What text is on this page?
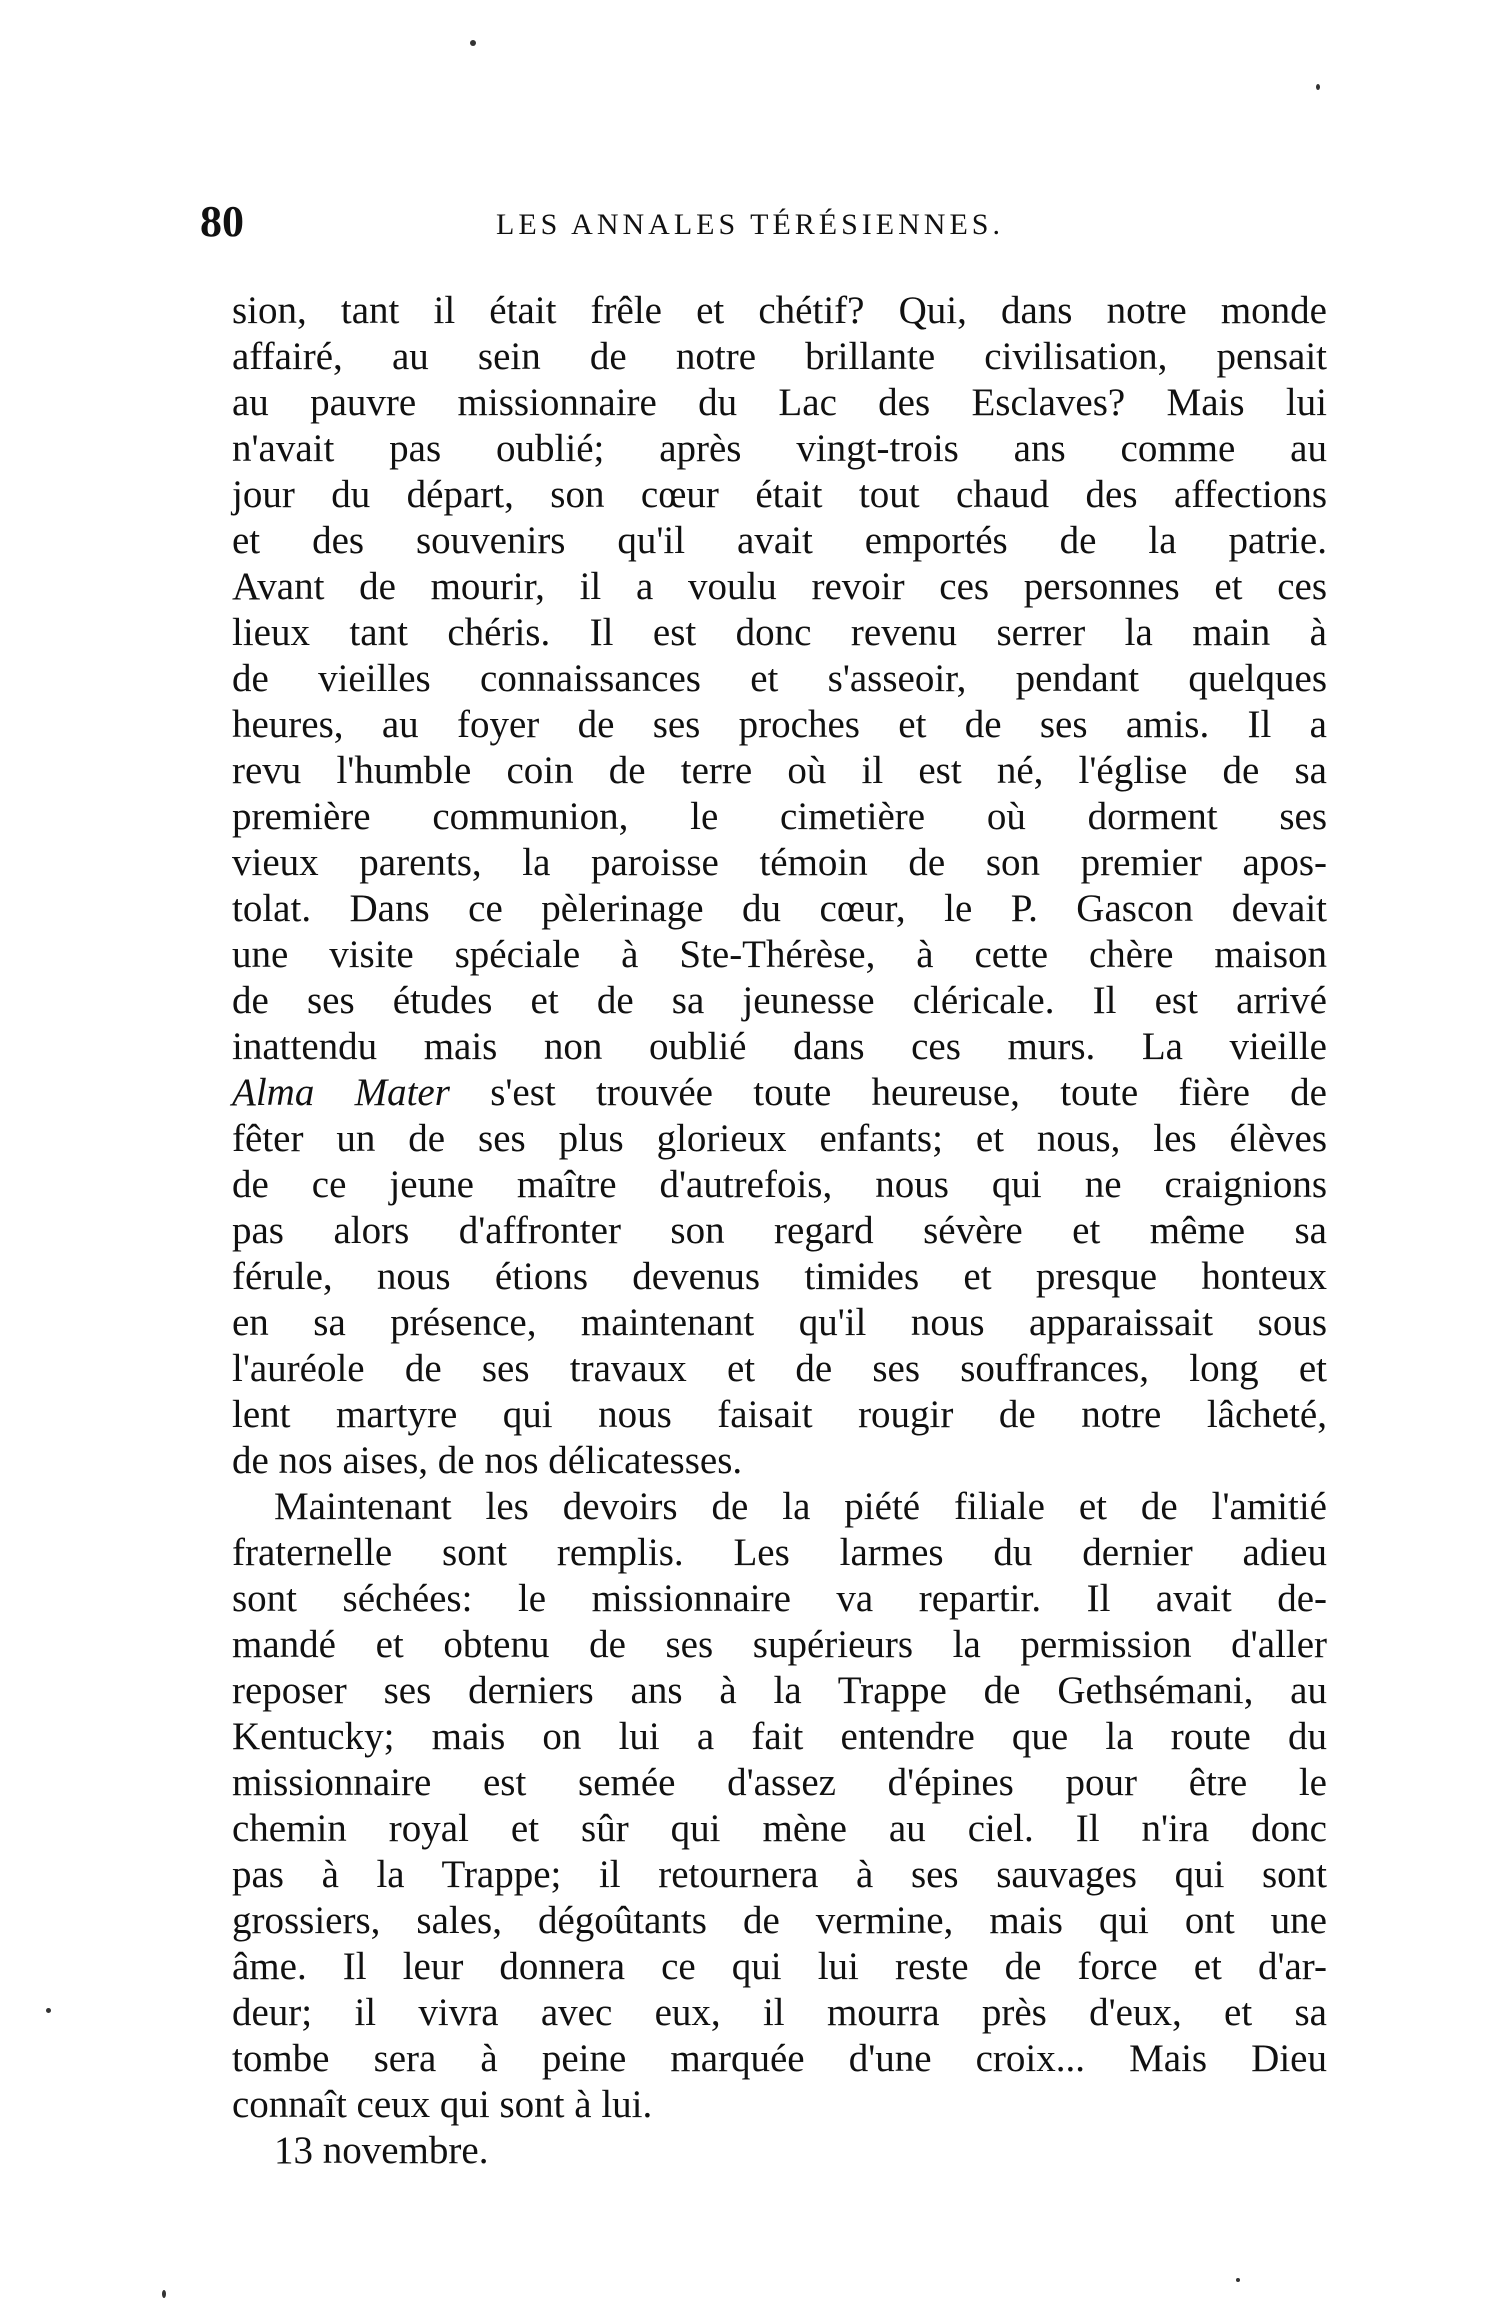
80	LES ANNALES TÉRÉSIENNES.
sion, tant il était frêle et chétif? Qui, dans notre monde
affairé, au sein de notre brillante civilisation, pensait
au pauvre missionnaire du Lac des Esclaves? Mais lui
n'avait pas oublié; après vingt-trois ans comme au
jour du départ, son cœur était tout chaud des affections
et des souvenirs qu'il avait emportés de la patrie.
Avant de mourir, il a voulu revoir ces personnes et ces
lieux tant chéris. Il est donc revenu serrer la main à
de vieilles connaissances et s'asseoir, pendant quelques
heures, au foyer de ses proches et de ses amis. Il a
revu l'humble coin de terre où il est né, l'église de sa
première communion, le cimetière où dorment ses
vieux parents, la paroisse témoin de son premier apos-
tolat. Dans ce pèlerinage du cœur, le P. Gascon devait
une visite spéciale à Ste-Thérèse, à cette chère maison
de ses études et de sa jeunesse cléricale. Il est arrivé
inattendu mais non oublié dans ces murs. La vieille
Alma Mater s'est trouvée toute heureuse, toute fière de
fêter un de ses plus glorieux enfants; et nous, les élèves
de ce jeune maître d'autrefois, nous qui ne craignions
pas alors d'affronter son regard sévère et même sa
férule, nous étions devenus timides et presque honteux
en sa présence, maintenant qu'il nous apparaissait sous
l'auréole de ses travaux et de ses souffrances, long et
lent martyre qui nous faisait rougir de notre lâcheté,
de nos aises, de nos délicatesses.
Maintenant les devoirs de la piété filiale et de l'amitié
fraternelle sont remplis. Les larmes du dernier adieu
sont séchées: le missionnaire va repartir. Il avait de-
mandé et obtenu de ses supérieurs la permission d'aller
reposer ses derniers ans à la Trappe de Gethsémani, au
Kentucky; mais on lui a fait entendre que la route du
missionnaire est semée d'assez d'épines pour être le
chemin royal et sûr qui mène au ciel. Il n'ira donc
pas à la Trappe; il retournera à ses sauvages qui sont
grossiers, sales, dégoûtants de vermine, mais qui ont une
âme. Il leur donnera ce qui lui reste de force et d'ar-
deur; il vivra avec eux, il mourra près d'eux, et sa
tombe sera à peine marquée d'une croix... Mais Dieu
connaît ceux qui sont à lui.
13 novembre.
